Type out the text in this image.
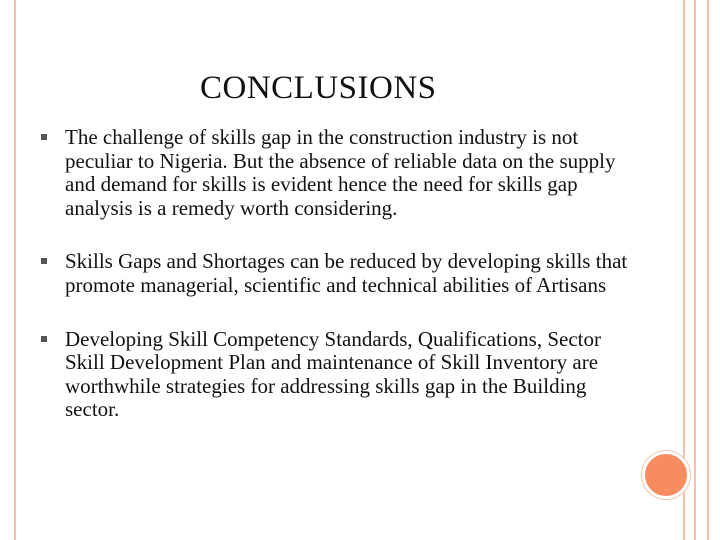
CONCLUSIONS
The challenge of skills gap in the construction industry is not peculiar to Nigeria. But the absence of reliable data on the supply and demand for skills is evident hence the need for skills gap analysis is a remedy worth considering.
Skills Gaps and Shortages can be reduced by developing skills that promote managerial, scientific and technical abilities of Artisans
Developing Skill Competency Standards, Qualifications, Sector Skill Development Plan and maintenance of Skill Inventory are worthwhile strategies for addressing skills gap in the Building sector.
